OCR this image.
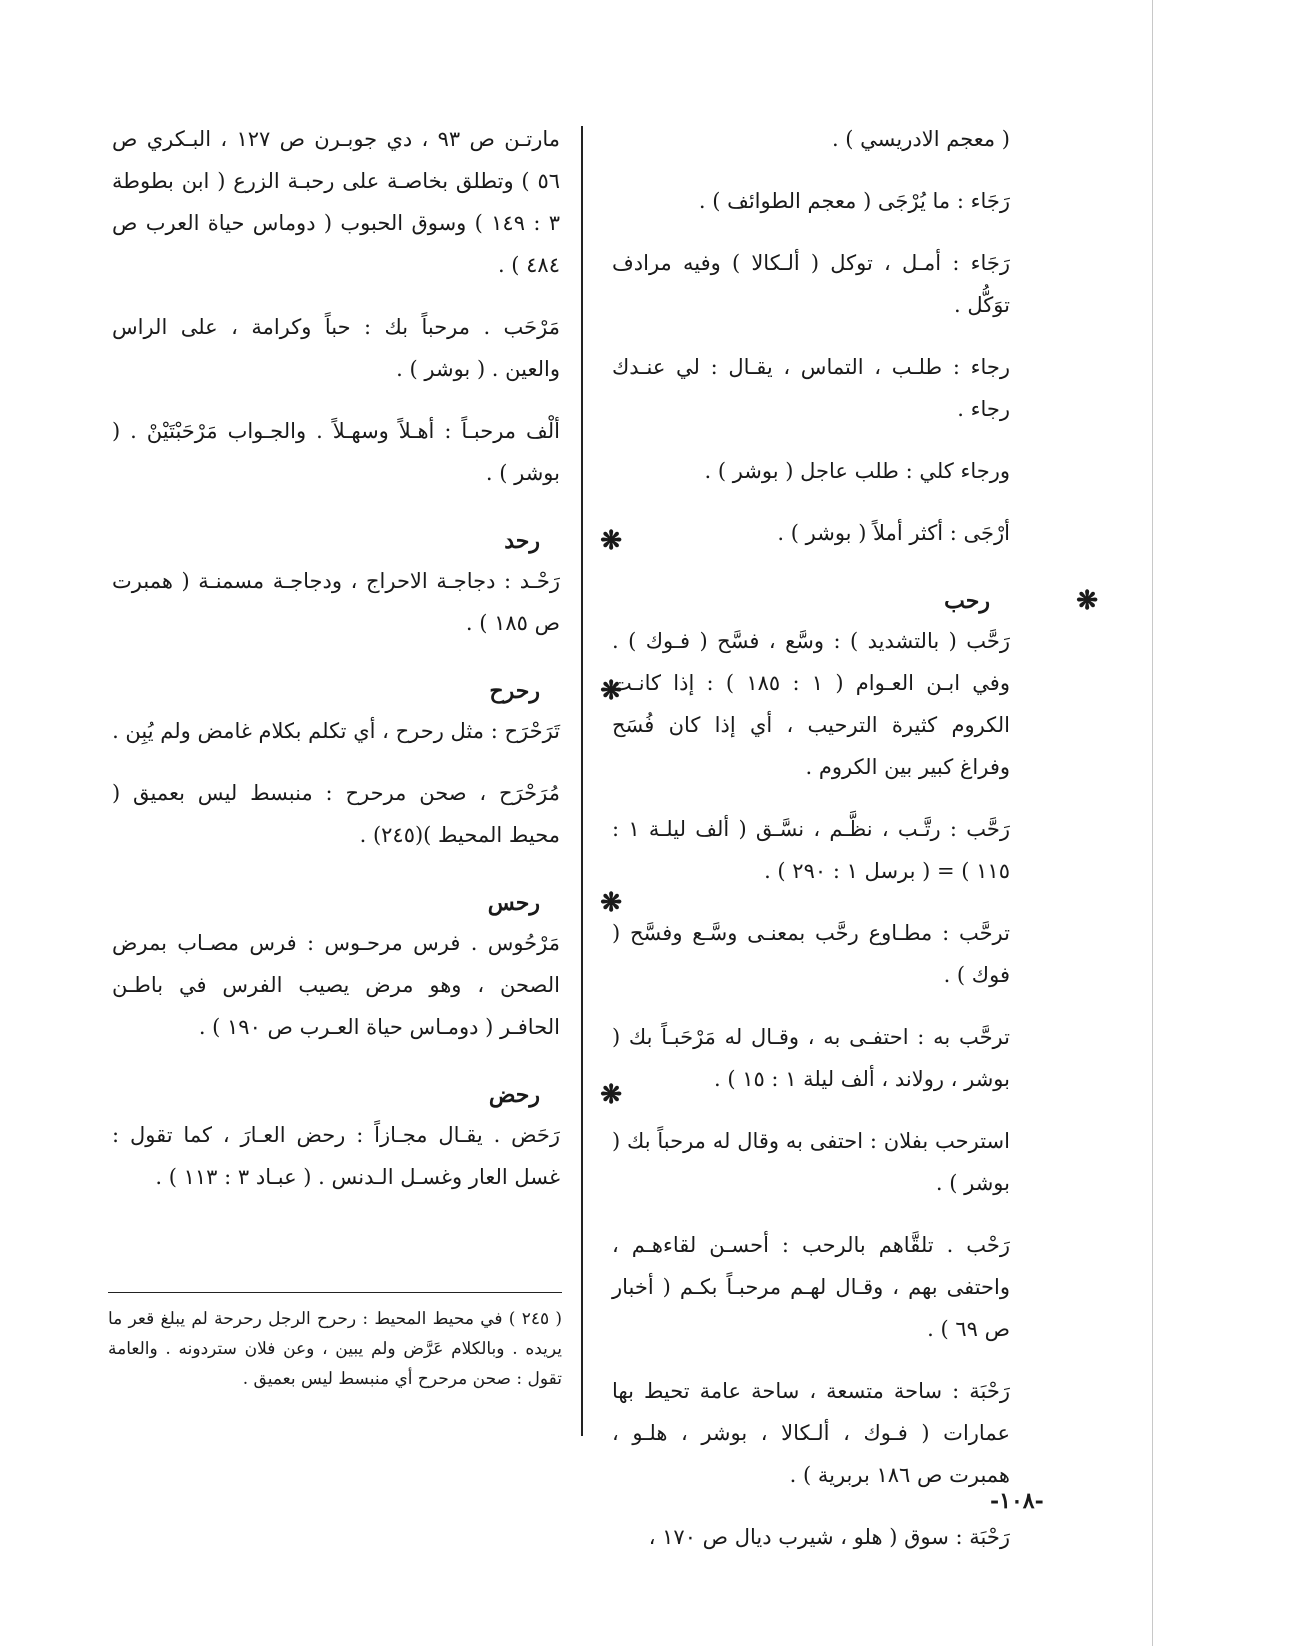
( معجم الادريسي ) .

رَجَاء : ما يُرْجَى ( معجم الطوائف ) .

رَجَاء : أمـل ، توكل ( ألـكالا ) وفيه مرادف توَكُّل .

رجاء : طلـب ، التماس ، يقـال : لي عنـدك رجاء .

ورجاء كلي : طلب عاجل ( بوشر ) .

أرْجَى : أكثر أملاً ( بوشر ) .

❋
رحب

رَحَّب ( بالتشديد ) : وسَّع ، فسَّح ( فـوك ) . وفي ابـن العـوام ( ١ : ١٨٥ ) : إذا كانـت الكروم كثيرة الترحيب ، أي إذا كان فُسَح وفراغ كبير بين الكروم .

رَحَّب : رتَّـب ، نظَّـم ، نسَّـق ( ألف ليلـة ١ : ١١٥ ) = ( برسل ١ : ٢٩٠ ) .

ترحَّب : مطـاوع رحَّب بمعنـى وسَّـع وفسَّح ( فوك ) .

ترحَّب به : احتفـى به ، وقـال له مَرْحَبـاً بك ( بوشر ، رولاند ، ألف ليلة ١ : ١٥ ) .

استرحب بفلان : احتفى به وقال له مرحباً بك ( بوشر ) .

رَحْب . تلقَّاهم بالرحب : أحسـن لقاءهـم ، واحتفى بهم ، وقـال لهـم مرحبـاً بكـم ( أخبار ص ٦٩ ) .

رَحْبَة : ساحة متسعة ، ساحة عامة تحيط بها عمارات ( فـوك ، ألـكالا ، بوشر ، هلـو ، همبرت ص ١٨٦ بربرية ) .

رَحْبَة : سوق ( هلو ، شيرب ديال ص ١٧٠ ،

مارتـن ص ٩٣ ، دي جوبـرن ص ١٢٧ ، البـكري ص ٥٦ ) وتطلق بخاصـة على رحبـة الزرع ( ابن بطوطة ٣ : ١٤٩ ) وسوق الحبوب ( دوماس حياة العرب ص ٤٨٤ ) .

مَرْحَب . مرحباً بك : حباً وكرامة ، على الراس والعين . ( بوشر ) .

ألْف مرحبـاً : أهـلاً وسهـلاً . والجـواب مَرْحَبْتَيْنْ . ( بوشر ) .

❋
رحد

رَحْـد : دجاجـة الاحراج ، ودجاجـة مسمنـة ( همبرت ص ١٨٥ ) .

❋
رحرح

تَرَحْرَح : مثل رحرح ، أي تكلم بكلام غامض ولم يُبِن .

مُرَحْرَح ، صحن مرحرح : منبسط ليس بعميق ( محيط المحيط )(٢٤٥) .

❋
رحس

مَرْحُوس . فرس مرحـوس : فرس مصـاب بمرض الصحن ، وهو مرض يصيب الفرس في باطـن الحافـر ( دومـاس حياة العـرب ص ١٩٠ ) .

❋
رحض

رَحَض . يقـال مجـازاً : رحض العـارَ ، كما تقول : غسل العار وغسـل الـدنس . ( عبـاد ٣ : ١١٣ ) .

( ٢٤٥ ) في محيط المحيط : رحرح الرجل رحرحة لم يبلغ قعر ما يريده . وبالكلام عَرَّض ولم يبين ، وعن فلان ستردونه . والعامة تقول : صحن مرحرح أي منبسط ليس بعميق .
-١٠٨-
